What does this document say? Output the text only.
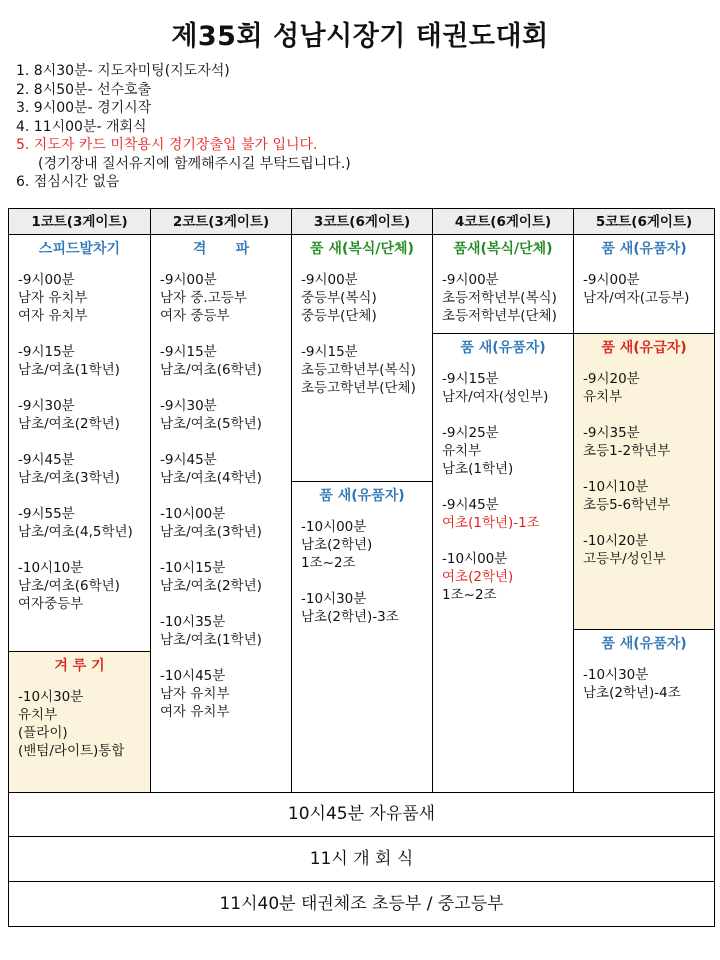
제35회 성남시장기 태권도대회
1. 8시30분- 지도자미팅(지도자석)
2. 8시50분- 선수호출
3. 9시00분- 경기시작
4. 11시00분- 개회식
5. 지도자 카드 미착용시 경기장출입 불가 입니다.
(경기장내 질서유지에 함께해주시길 부탁드립니다.)
6. 점심시간 없음
1코트(3게이트)
스피드발차기
-9시00분
남자 유치부
여자 유치부
-9시15분
남초/여초(1학년)
-9시30분
남초/여초(2학년)
-9시45분
남초/여초(3학년)
-9시55분
남초/여초(4,5학년)
-10시10분
남초/여초(6학년)
여자중등부
겨 루 기
-10시30분
유치부
(플라이)
(밴텀/라이트)통합
2코트(3게이트)
격      파
-9시00분
남자 중.고등부
여자 중등부
-9시15분
남초/여초(6학년)
-9시30분
남초/여초(5학년)
-9시45분
남초/여초(4학년)
-10시00분
남초/여초(3학년)
-10시15분
남초/여초(2학년)
-10시35분
남초/여초(1학년)
-10시45분
남자 유치부
여자 유치부
3코트(6게이트)
품 새(복식/단체)
-9시00분
중등부(복식)
중등부(단체)
-9시15분
초등고학년부(복식)
초등고학년부(단체)
품 새(유품자)
-10시00분
남초(2학년)
1조~2조
-10시30분
남초(2학년)-3조
4코트(6게이트)
품새(복식/단체)
-9시00분
초등저학년부(복식)
초등저학년부(단체)
품 새(유품자)
-9시15분
남자/여자(성인부)
-9시25분
유치부
남초(1학년)
-9시45분
여초(1학년)-1조
-10시00분
여초(2학년)
1조~2조
5코트(6게이트)
품 새(유품자)
-9시00분
남자/여자(고등부)
품 새(유급자)
-9시20분
유치부
-9시35분
초등1-2학년부
-10시10분
초등5-6학년부
-10시20분
고등부/성인부
품 새(유품자)
-10시30분
남초(2학년)-4조
10시45분 자유품새
11시 개 회 식
11시40분 태권체조 초등부 / 중고등부
